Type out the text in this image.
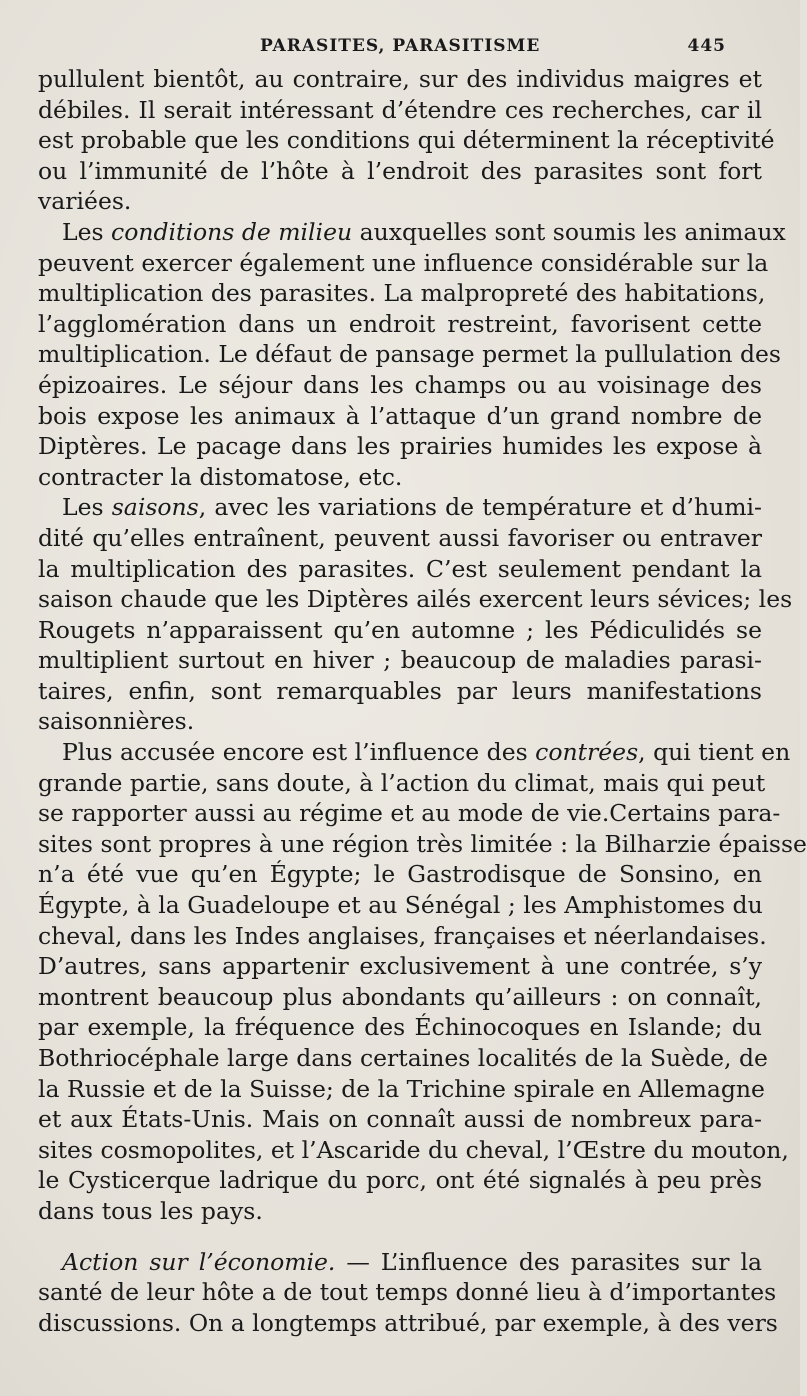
PARASITES, PARASITISME	445
pullulent bientôt, au contraire, sur des individus maigres et
débiles. Il serait intéressant d’étendre ces recherches, car il
est probable que les conditions qui déterminent la réceptivité
ou l’immunité de l’hôte à l’endroit des parasites sont fort
variées.
Les conditions de milieu auxquelles sont soumis les animaux
peuvent exercer également une influence considérable sur la
multiplication des parasites. La malpropreté des habitations,
l’agglomération dans un endroit restreint, favorisent cette
multiplication. Le défaut de pansage permet la pullulation des
épizoaires. Le séjour dans les champs ou au voisinage des
bois expose les animaux à l’attaque d’un grand nombre de
Diptères. Le pacage dans les prairies humides les expose à
contracter la distomatose, etc.
Les saisons, avec les variations de température et d’humi-
dité qu’elles entraînent, peuvent aussi favoriser ou entraver
la multiplication des parasites. C’est seulement pendant la
saison chaude que les Diptères ailés exercent leurs sévices; les
Rougets n’apparaissent qu’en automne ; les Pédiculidés se
multiplient surtout en hiver ; beaucoup de maladies parasi-
taires, enfin, sont remarquables par leurs manifestations
saisonnières.
Plus accusée encore est l’influence des contrées, qui tient en
grande partie, sans doute, à l’action du climat, mais qui peut
se rapporter aussi au régime et au mode de vie.Certains para-
sites sont propres à une région très limitée : la Bilharzie épaisse
n’a été vue qu’en Égypte; le Gastrodisque de Sonsino, en
Égypte, à la Guadeloupe et au Sénégal ; les Amphistomes du
cheval, dans les Indes anglaises, françaises et néerlandaises.
D’autres, sans appartenir exclusivement à une contrée, s’y
montrent beaucoup plus abondants qu’ailleurs : on connaît,
par exemple, la fréquence des Échinocoques en Islande; du
Bothriocéphale large dans certaines localités de la Suède, de
la Russie et de la Suisse; de la Trichine spirale en Allemagne
et aux États-Unis. Mais on connaît aussi de nombreux para-
sites cosmopolites, et l’Ascaride du cheval, l’Œstre du mouton,
le Cysticerque ladrique du porc, ont été signalés à peu près
dans tous les pays.
Action sur l’économie. — L’influence des parasites sur la
santé de leur hôte a de tout temps donné lieu à d’importantes
discussions. On a longtemps attribué, par exemple, à des vers
